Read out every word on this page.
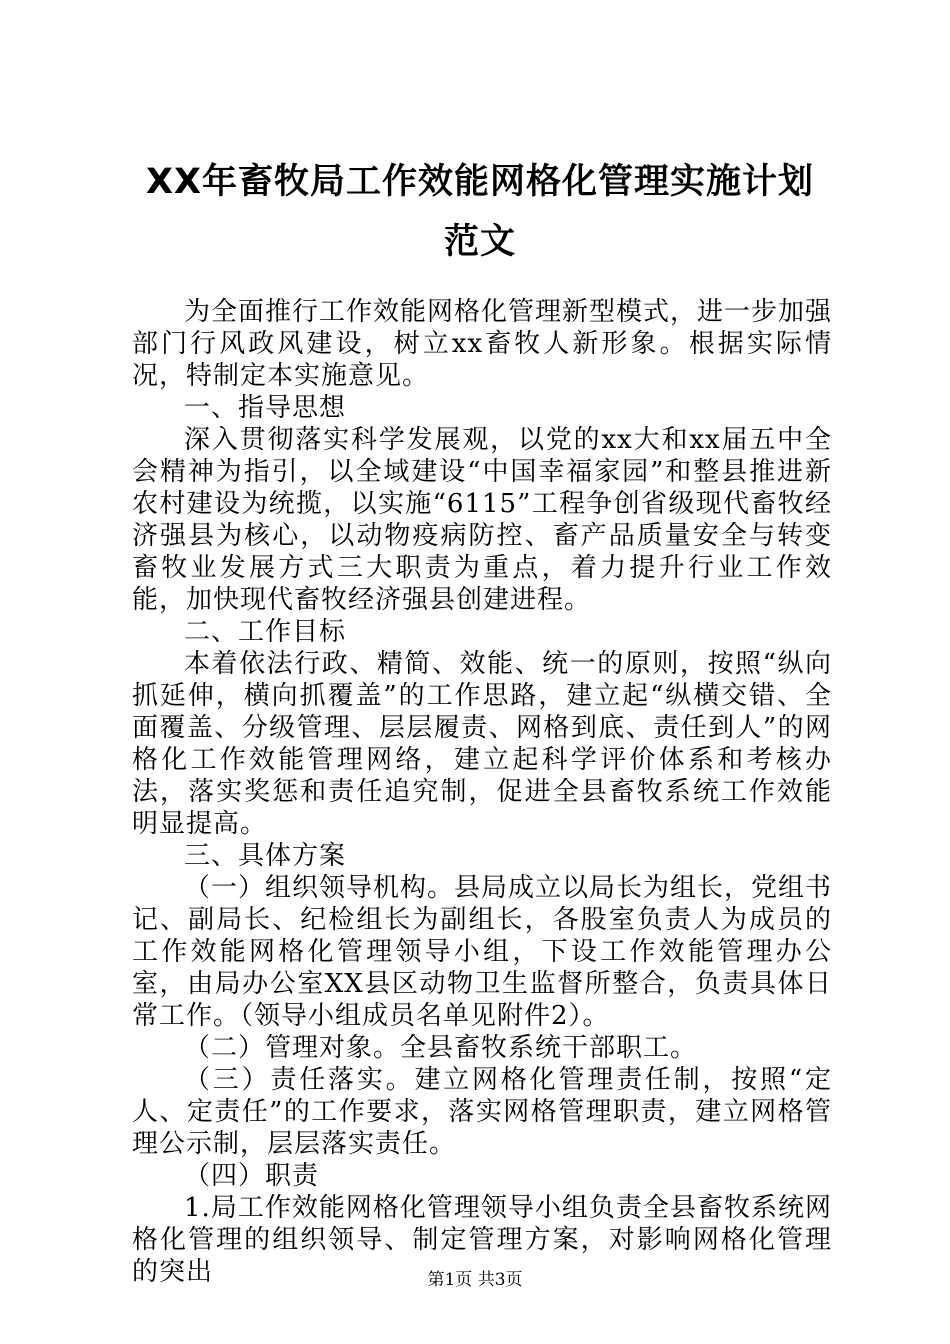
XX年畜牧局工作效能网格化管理实施计划范文

为全面推行工作效能网格化管理新型模式，进一步加强部门行风政风建设，树立xx畜牧人新形象。根据实际情况，特制定本实施意见。

一、指导思想

深入贯彻落实科学发展观，以党的xx大和xx届五中全会精神为指引，以全域建设“中国幸福家园”和整县推进新农村建设为统揽，以实施“6115”工程争创省级现代畜牧经济强县为核心，以动物疫病防控、畜产品质量安全与转变畜牧业发展方式三大职责为重点，着力提升行业工作效能，加快现代畜牧经济强县创建进程。

二、工作目标

本着依法行政、精简、效能、统一的原则，按照“纵向抓延伸，横向抓覆盖”的工作思路，建立起“纵横交错、全面覆盖、分级管理、层层履责、网格到底、责任到人”的网格化工作效能管理网络，建立起科学评价体系和考核办法，落实奖惩和责任追究制，促进全县畜牧系统工作效能明显提高。

三、具体方案

（一）组织领导机构。县局成立以局长为组长，党组书记、副局长、纪检组长为副组长，各股室负责人为成员的工作效能网格化管理领导小组，下设工作效能管理办公室，由局办公室XX县区动物卫生监督所整合，负责具体日常工作。（领导小组成员名单见附件2）。

（二）管理对象。全县畜牧系统干部职工。

（三）责任落实。建立网格化管理责任制，按照“定人、定责任”的工作要求，落实网格管理职责，建立网格管理公示制，层层落实责任。

（四）职责

1.局工作效能网格化管理领导小组负责全县畜牧系统网格化管理的组织领导、制定管理方案，对影响网格化管理的突出	第1页 共3页
